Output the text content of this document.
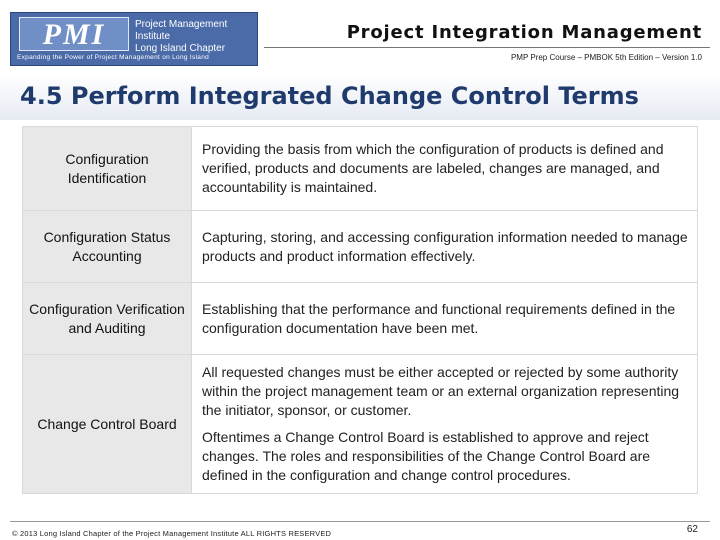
PMI	Project Management Institute
Long Island Chapter
Expanding the Power of Project Management on Long Island
Project Integration Management
PMP Prep Course – PMBOK 5th Edition – Version 1.0
4.5 Perform Integrated Change Control Terms
Configuration Identification	Providing the basis from which the configuration of products is defined and verified, products and documents are labeled, changes are managed, and accountability is maintained.

Configuration Status Accounting	Capturing, storing, and accessing configuration information needed to manage products and product information effectively.

Configuration Verification and Auditing	Establishing that the performance and functional requirements defined in the configuration documentation have been met.

Change Control Board	All requested changes must be either accepted or rejected by some authority within the project management team or an external organization representing the initiator, sponsor, or customer.

Oftentimes a Change Control Board is established to approve and reject changes. The roles and responsibilities of the Change Control Board are defined in the configuration and change control procedures.

© 2013 Long Island Chapter of the Project Management Institute ALL RIGHTS RESERVED	62
